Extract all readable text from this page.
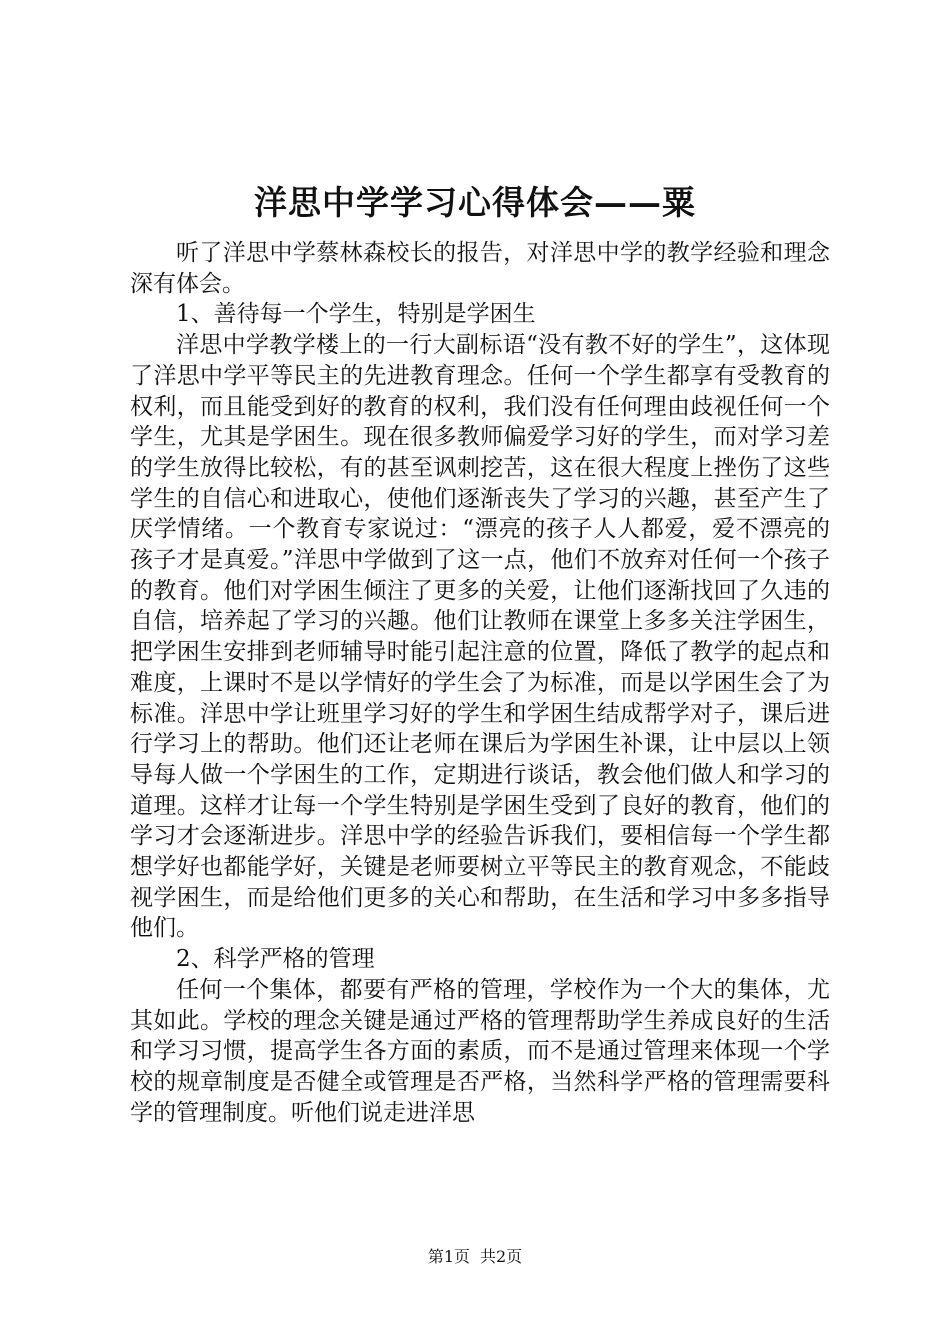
洋思中学学习心得体会——粟

听了洋思中学蔡林森校长的报告，对洋思中学的教学经验和理念深有体会。

1、善待每一个学生，特别是学困生

洋思中学教学楼上的一行大副标语“没有教不好的学生”，这体现了洋思中学平等民主的先进教育理念。任何一个学生都享有受教育的权利，而且能受到好的教育的权利，我们没有任何理由歧视任何一个学生，尤其是学困生。现在很多教师偏爱学习好的学生，而对学习差的学生放得比较松，有的甚至讽刺挖苦，这在很大程度上挫伤了这些学生的自信心和进取心，使他们逐渐丧失了学习的兴趣，甚至产生了厌学情绪。一个教育专家说过：“漂亮的孩子人人都爱，爱不漂亮的孩子才是真爱。”洋思中学做到了这一点，他们不放弃对任何一个孩子的教育。他们对学困生倾注了更多的关爱，让他们逐渐找回了久违的自信，培养起了学习的兴趣。他们让教师在课堂上多多关注学困生，把学困生安排到老师辅导时能引起注意的位置，降低了教学的起点和难度，上课时不是以学情好的学生会了为标准，而是以学困生会了为标准。洋思中学让班里学习好的学生和学困生结成帮学对子，课后进行学习上的帮助。他们还让老师在课后为学困生补课，让中层以上领导每人做一个学困生的工作，定期进行谈话，教会他们做人和学习的道理。这样才让每一个学生特别是学困生受到了良好的教育，他们的学习才会逐渐进步。洋思中学的经验告诉我们，要相信每一个学生都想学好也都能学好，关键是老师要树立平等民主的教育观念，不能歧视学困生，而是给他们更多的关心和帮助，在生活和学习中多多指导他们。

2、科学严格的管理

任何一个集体，都要有严格的管理，学校作为一个大的集体，尤其如此。学校的理念关键是通过严格的管理帮助学生养成良好的生活和学习习惯，提高学生各方面的素质，而不是通过管理来体现一个学校的规章制度是否健全或管理是否严格，当然科学严格的管理需要科学的管理制度。听他们说走进洋思

第1页 共2页
